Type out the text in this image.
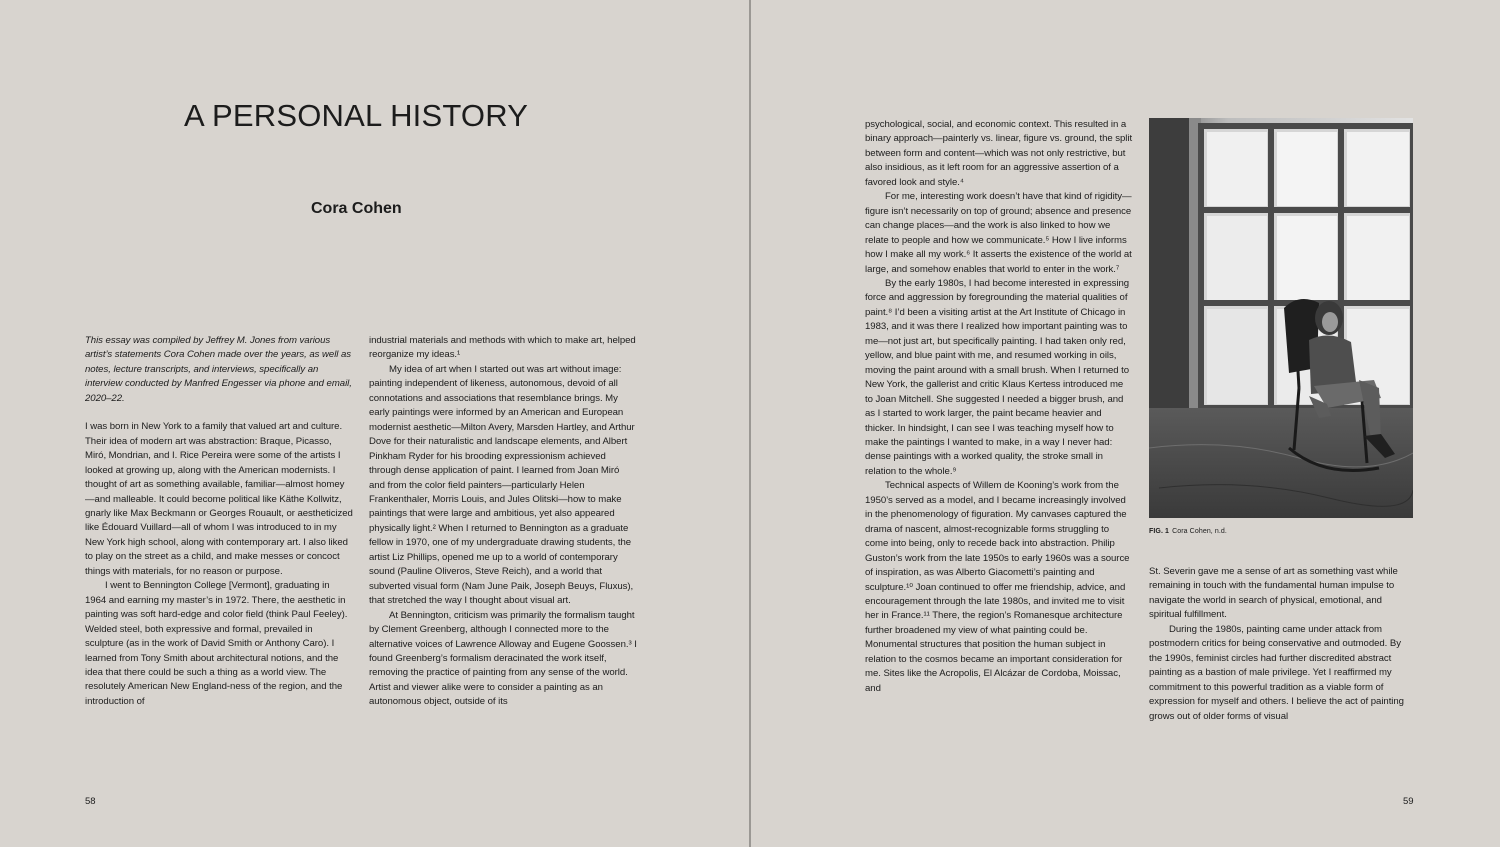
A PERSONAL HISTORY
Cora Cohen

This essay was compiled by Jeffrey M. Jones from various artist’s statements Cora Cohen made over the years, as well as notes, lecture transcripts, and interviews, specifically an interview conducted by Manfred Engesser via phone and email, 2020–22.

I was born in New York to a family that valued art and culture. Their idea of modern art was abstraction: Braque, Picasso, Miró, Mondrian, and I. Rice Pereira were some of the artists I looked at growing up, along with the American modernists. I thought of art as something available, familiar—almost homey—and malleable. It could become political like Käthe Kollwitz, gnarly like Max Beckmann or Georges Rouault, or aestheticized like Édouard Vuillard—all of whom I was introduced to in my New York high school, along with contemporary art. I also liked to play on the street as a child, and make messes or concoct things with materials, for no reason or purpose.

I went to Bennington College [Vermont], graduating in 1964 and earning my master’s in 1972. There, the aesthetic in painting was soft hard-edge and color field (think Paul Feeley). Welded steel, both expressive and formal, prevailed in sculpture (as in the work of David Smith or Anthony Caro). I learned from Tony Smith about architectural notions, and the idea that there could be such a thing as a world view. The resolutely American New England-ness of the region, and the introduction of

industrial materials and methods with which to make art, helped reorganize my ideas.¹

My idea of art when I started out was art without image: painting independent of likeness, autonomous, devoid of all connotations and associations that resemblance brings. My early paintings were informed by an American and European modernist aesthetic—Milton Avery, Marsden Hartley, and Arthur Dove for their naturalistic and landscape elements, and Albert Pinkham Ryder for his brooding expressionism achieved through dense application of paint. I learned from Joan Miró and from the color field painters—particularly Helen Frankenthaler, Morris Louis, and Jules Olitski—how to make paintings that were large and ambitious, yet also appeared physically light.² When I returned to Bennington as a graduate fellow in 1970, one of my undergraduate drawing students, the artist Liz Phillips, opened me up to a world of contemporary sound (Pauline Oliveros, Steve Reich), and a world that subverted visual form (Nam June Paik, Joseph Beuys, Fluxus), that stretched the way I thought about visual art.

At Bennington, criticism was primarily the formalism taught by Clement Greenberg, although I connected more to the alternative voices of Lawrence Alloway and Eugene Goossen.³ I found Greenberg’s formalism deracinated the work itself, removing the practice of painting from any sense of the world. Artist and viewer alike were to consider a painting as an autonomous object, outside of its

58

psychological, social, and economic context. This resulted in a binary approach—painterly vs. linear, figure vs. ground, the split between form and content—which was not only restrictive, but also insidious, as it left room for an aggressive assertion of a favored look and style.⁴

For me, interesting work doesn’t have that kind of rigidity—figure isn’t necessarily on top of ground; absence and presence can change places—and the work is also linked to how we relate to people and how we communicate.⁵ How I live informs how I make all my work.⁶ It asserts the existence of the world at large, and somehow enables that world to enter in the work.⁷

By the early 1980s, I had become interested in expressing force and aggression by foregrounding the material qualities of paint.⁸ I’d been a visiting artist at the Art Institute of Chicago in 1983, and it was there I realized how important painting was to me—not just art, but specifically painting. I had taken only red, yellow, and blue paint with me, and resumed working in oils, moving the paint around with a small brush. When I returned to New York, the gallerist and critic Klaus Kertess introduced me to Joan Mitchell. She suggested I needed a bigger brush, and as I started to work larger, the paint became heavier and thicker. In hindsight, I can see I was teaching myself how to make the paintings I wanted to make, in a way I never had: dense paintings with a worked quality, the stroke small in relation to the whole.⁹

Technical aspects of Willem de Kooning’s work from the 1950’s served as a model, and I became increasingly involved in the phenomenology of figuration. My canvases captured the drama of nascent, almost-recognizable forms struggling to come into being, only to recede back into abstraction. Philip Guston’s work from the late 1950s to early 1960s was a source of inspiration, as was Alberto Giacometti’s painting and sculpture.¹⁰ Joan continued to offer me friendship, advice, and encouragement through the late 1980s, and invited me to visit her in France.¹¹ There, the region’s Romanesque architecture further broadened my view of what painting could be. Monumental structures that position the human subject in relation to the cosmos became an important consideration for me. Sites like the Acropolis, El Alcázar de Cordoba, Moissac, and

FIG. 1 Cora Cohen, n.d.

St. Severin gave me a sense of art as something vast while remaining in touch with the fundamental human impulse to navigate the world in search of physical, emotional, and spiritual fulfillment.

During the 1980s, painting came under attack from postmodern critics for being conservative and outmoded. By the 1990s, feminist circles had further discredited abstract painting as a bastion of male privilege. Yet I reaffirmed my commitment to this powerful tradition as a viable form of expression for myself and others. I believe the act of painting grows out of older forms of visual

59
